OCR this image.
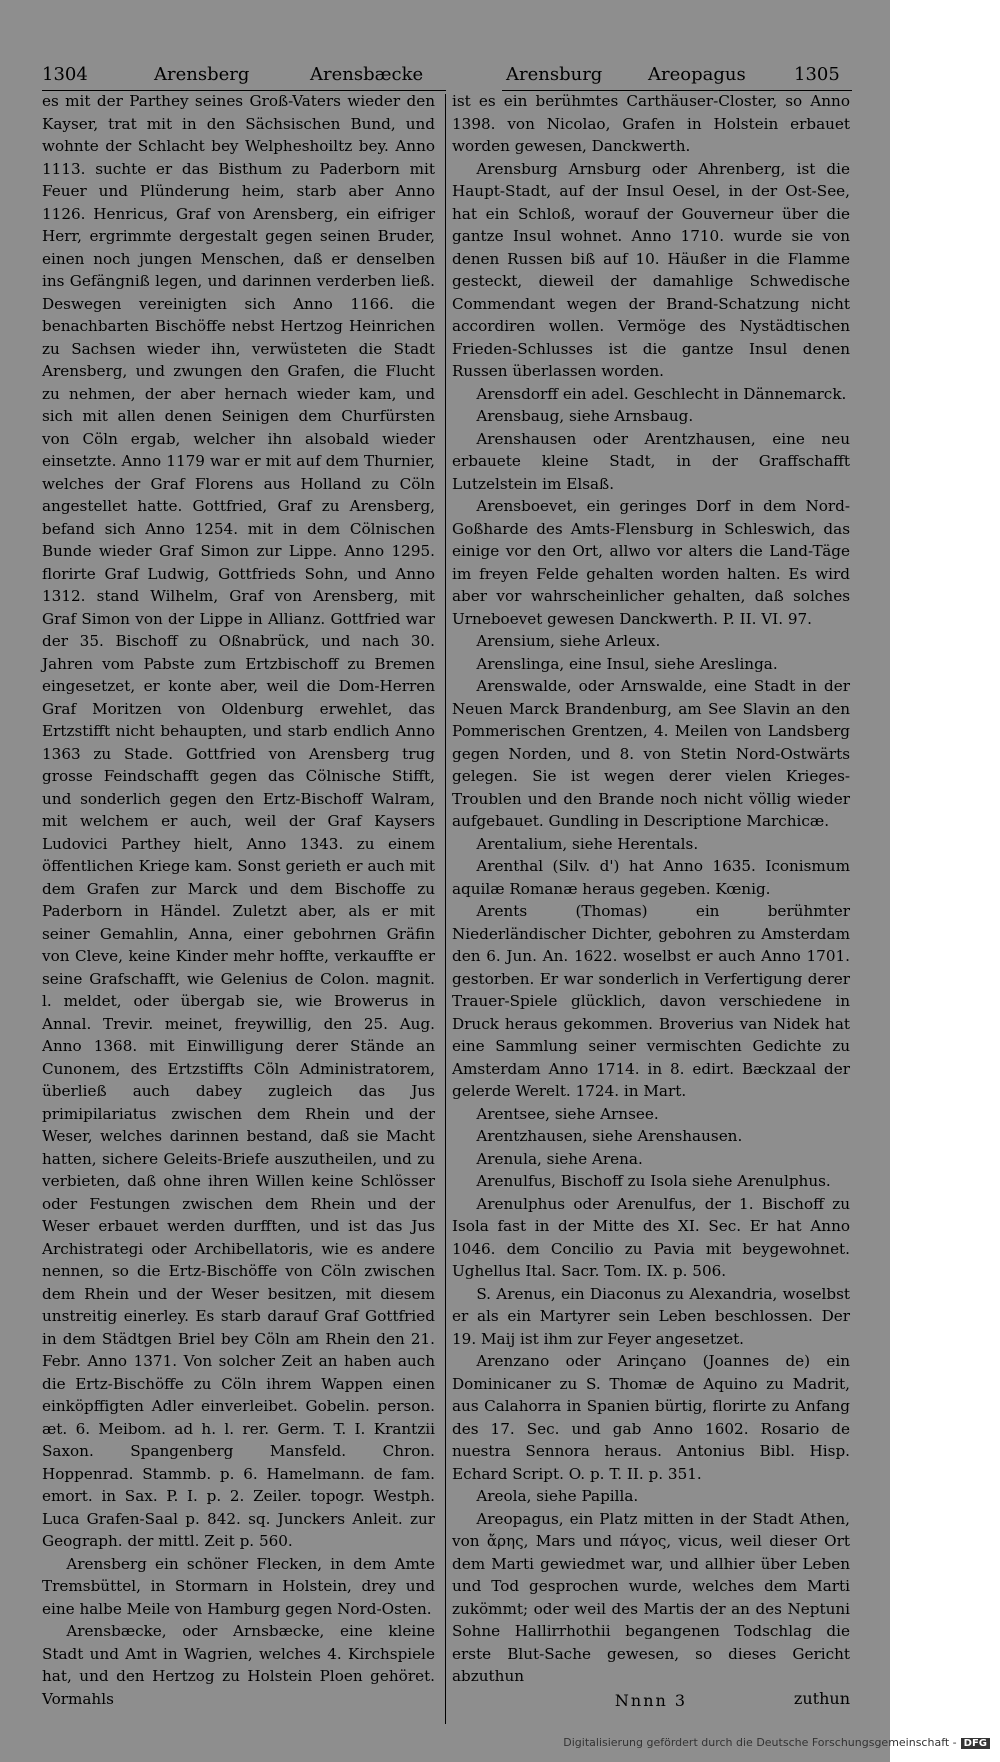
1304	Arensberg	Arensbæcke	Arensburg	Areopagus	1305

es mit der Parthey seines Groß-Vaters wieder den Kayser, trat mit in den Sächsischen Bund, und wohnte der Schlacht bey Welpheshoiltz bey. Anno 1113. suchte er das Bisthum zu Paderborn mit Feuer und Plünderung heim, starb aber Anno 1126. Henricus, Graf von Arensberg, ein eifriger Herr, ergrimmte dergestalt gegen seinen Bruder, einen noch jungen Menschen, daß er denselben ins Gefängniß legen, und darinnen verderben ließ. Deswegen vereinigten sich Anno 1166. die benachbarten Bischöffe nebst Hertzog Heinrichen zu Sachsen wieder ihn, verwüsteten die Stadt Arensberg, und zwungen den Grafen, die Flucht zu nehmen, der aber hernach wieder kam, und sich mit allen denen Seinigen dem Churfürsten von Cöln ergab, welcher ihn alsobald wieder einsetzte. Anno 1179 war er mit auf dem Thurnier, welches der Graf Florens aus Holland zu Cöln angestellet hatte. Gottfried, Graf zu Arensberg, befand sich Anno 1254. mit in dem Cölnischen Bunde wieder Graf Simon zur Lippe. Anno 1295. florirte Graf Ludwig, Gottfrieds Sohn, und Anno 1312. stand Wilhelm, Graf von Arensberg, mit Graf Simon von der Lippe in Allianz. Gottfried war der 35. Bischoff zu Oßnabrück, und nach 30. Jahren vom Pabste zum Ertzbischoff zu Bremen eingesetzet, er konte aber, weil die Dom-Herren Graf Moritzen von Oldenburg erwehlet, das Ertzstifft nicht behaupten, und starb endlich Anno 1363 zu Stade. Gottfried von Arensberg trug grosse Feindschafft gegen das Cölnische Stifft, und sonderlich gegen den Ertz-Bischoff Walram, mit welchem er auch, weil der Graf Kaysers Ludovici Parthey hielt, Anno 1343. zu einem öffentlichen Kriege kam. Sonst gerieth er auch mit dem Grafen zur Marck und dem Bischoffe zu Paderborn in Händel. Zuletzt aber, als er mit seiner Gemahlin, Anna, einer gebohrnen Gräfin von Cleve, keine Kinder mehr hoffte, verkauffte er seine Grafschafft, wie Gelenius de Colon. magnit. l. meldet, oder übergab sie, wie Browerus in Annal. Trevir. meinet, freywillig, den 25. Aug. Anno 1368. mit Einwilligung derer Stände an Cunonem, des Ertzstiffts Cöln Administratorem, überließ auch dabey zugleich das Jus primipilariatus zwischen dem Rhein und der Weser, welches darinnen bestand, daß sie Macht hatten, sichere Geleits-Briefe auszutheilen, und zu verbieten, daß ohne ihren Willen keine Schlösser oder Festungen zwischen dem Rhein und der Weser erbauet werden durfften, und ist das Jus Archistrategi oder Archibellatoris, wie es andere nennen, so die Ertz-Bischöffe von Cöln zwischen dem Rhein und der Weser besitzen, mit diesem unstreitig einerley. Es starb darauf Graf Gottfried in dem Städtgen Briel bey Cöln am Rhein den 21. Febr. Anno 1371. Von solcher Zeit an haben auch die Ertz-Bischöffe zu Cöln ihrem Wappen einen einköpffigten Adler einverleibet. Gobelin. person. æt. 6. Meibom. ad h. l. rer. Germ. T. I. Krantzii Saxon. Spangenberg Mansfeld. Chron. Hoppenrad. Stammb. p. 6. Hamelmann. de fam. emort. in Sax. P. I. p. 2. Zeiler. topogr. Westph. Luca Grafen-Saal p. 842. sq. Junckers Anleit. zur Geograph. der mittl. Zeit p. 560.

Arensberg ein schöner Flecken, in dem Amte Tremsbüttel, in Stormarn in Holstein, drey und eine halbe Meile von Hamburg gegen Nord-Osten.

Arensbæcke, oder Arnsbæcke, eine kleine Stadt und Amt in Wagrien, welches 4. Kirchspiele hat, und den Hertzog zu Holstein Ploen gehöret. Vormahls

ist es ein berühmtes Carthäuser-Closter, so Anno 1398. von Nicolao, Grafen in Holstein erbauet worden gewesen, Danckwerth.

Arensburg Arnsburg oder Ahrenberg, ist die Haupt-Stadt, auf der Insul Oesel, in der Ost-See, hat ein Schloß, worauf der Gouverneur über die gantze Insul wohnet. Anno 1710. wurde sie von denen Russen biß auf 10. Häußer in die Flamme gesteckt, dieweil der damahlige Schwedische Commendant wegen der Brand-Schatzung nicht accordiren wollen. Vermöge des Nystädtischen Frieden-Schlusses ist die gantze Insul denen Russen überlassen worden.

Arensdorff ein adel. Geschlecht in Dännemarck.

Arensbaug, siehe Arnsbaug.

Arenshausen oder Arentzhausen, eine neu erbauete kleine Stadt, in der Graffschafft Lutzelstein im Elsaß.

Arensboevet, ein geringes Dorf in dem Nord-Goßharde des Amts-Flensburg in Schleswich, das einige vor den Ort, allwo vor alters die Land-Täge im freyen Felde gehalten worden halten. Es wird aber vor wahrscheinlicher gehalten, daß solches Urneboevet gewesen Danckwerth. P. II. VI. 97.

Arensium, siehe Arleux.

Arenslinga, eine Insul, siehe Areslinga.

Arenswalde, oder Arnswalde, eine Stadt in der Neuen Marck Brandenburg, am See Slavin an den Pommerischen Grentzen, 4. Meilen von Landsberg gegen Norden, und 8. von Stetin Nord-Ostwärts gelegen. Sie ist wegen derer vielen Krieges-Troublen und den Brande noch nicht völlig wieder aufgebauet. Gundling in Descriptione Marchicæ.

Arentalium, siehe Herentals.

Arenthal (Silv. d') hat Anno 1635. Iconismum aquilæ Romanæ heraus gegeben. Kœnig.

Arents (Thomas) ein berühmter Niederländischer Dichter, gebohren zu Amsterdam den 6. Jun. An. 1622. woselbst er auch Anno 1701. gestorben. Er war sonderlich in Verfertigung derer Trauer-Spiele glücklich, davon verschiedene in Druck heraus gekommen. Broverius van Nidek hat eine Sammlung seiner vermischten Gedichte zu Amsterdam Anno 1714. in 8. edirt. Bæckzaal der gelerde Werelt. 1724. in Mart.

Arentsee, siehe Arnsee.

Arentzhausen, siehe Arenshausen.

Arenula, siehe Arena.

Arenulfus, Bischoff zu Isola siehe Arenulphus.

Arenulphus oder Arenulfus, der 1. Bischoff zu Isola fast in der Mitte des XI. Sec. Er hat Anno 1046. dem Concilio zu Pavia mit beygewohnet. Ughellus Ital. Sacr. Tom. IX. p. 506.

S. Arenus, ein Diaconus zu Alexandria, woselbst er als ein Martyrer sein Leben beschlossen. Der 19. Maij ist ihm zur Feyer angesetzet.

Arenzano oder Arinçano (Joannes de) ein Dominicaner zu S. Thomæ de Aquino zu Madrit, aus Calahorra in Spanien bürtig, florirte zu Anfang des 17. Sec. und gab Anno 1602. Rosario de nuestra Sennora heraus. Antonius Bibl. Hisp. Echard Script. O. p. T. II. p. 351.

Areola, siehe Papilla.

Areopagus, ein Platz mitten in der Stadt Athen, von ἄρης, Mars und πάγος, vicus, weil dieser Ort dem Marti gewiedmet war, und allhier über Leben und Tod gesprochen wurde, welches dem Marti zukömmt; oder weil des Martis der an des Neptuni Sohne Hallirrhothii begangenen Todschlag die erste Blut-Sache gewesen, so dieses Gericht abzuthun

Nnnn 3	zuthun
Digitalisierung gefördert durch die Deutsche Forschungsgemeinschaft - DFG
